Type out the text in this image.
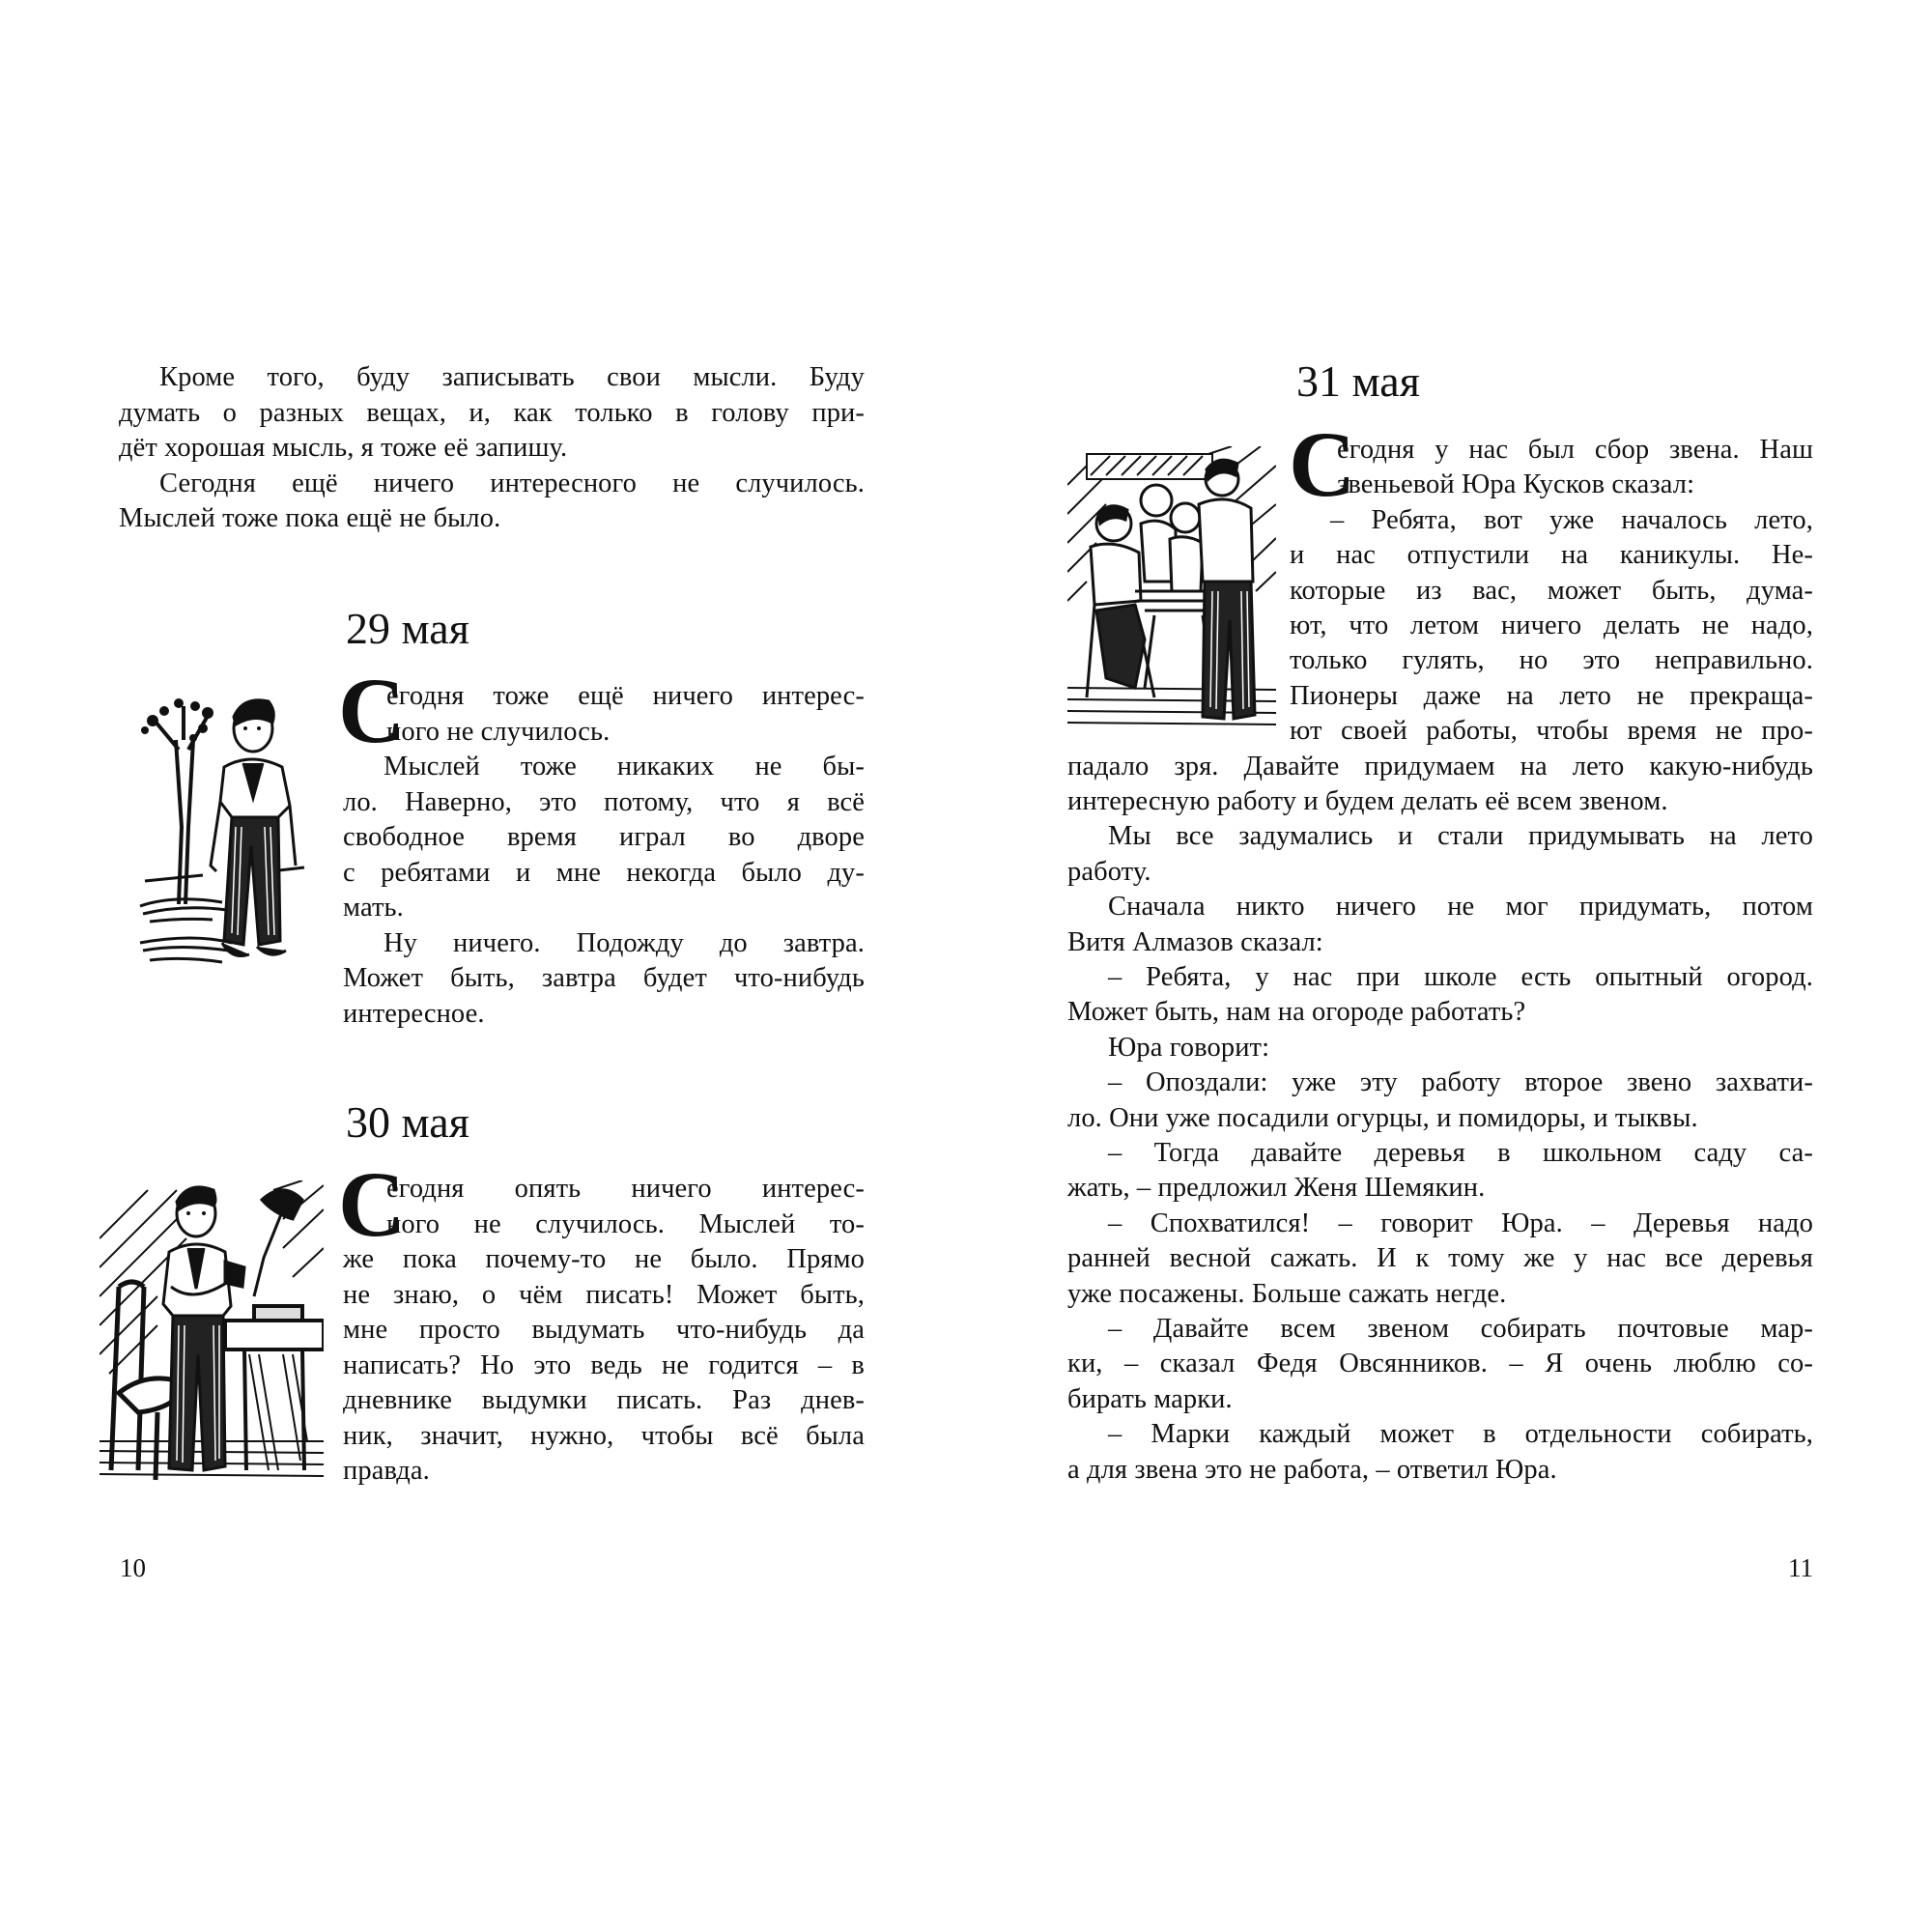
Кроме того, буду записывать свои мысли. Буду
думать о разных вещах, и, как только в голову при-
дёт хорошая мысль, я тоже её запишу.
Сегодня ещё ничего интересного не случилось.
Мыслей тоже пока ещё не было.
29 мая
С
егодня тоже ещё ничего интерес-
ного не случилось.
Мыслей тоже никаких не бы-
ло. Наверно, это потому, что я всё
свободное время играл во дворе
с ребятами и мне некогда было ду-
мать.
Ну ничего. Подожду до завтра.
Может быть, завтра будет что-нибудь
интересное.
30 мая
С
егодня опять ничего интерес-
ного не случилось. Мыслей то-
же пока почему-то не было. Прямо
не знаю, о чём писать! Может быть,
мне просто выдумать что-нибудь да
написать? Но это ведь не годится – в
дневнике выдумки писать. Раз днев-
ник, значит, нужно, чтобы всё была
правда.
10
31 мая
С
егодня у нас был сбор звена. Наш
звеньевой Юра Кусков сказал:
– Ребята, вот уже началось лето,
и нас отпустили на каникулы. Не-
которые из вас, может быть, дума-
ют, что летом ничего делать не надо,
только гулять, но это неправильно.
Пионеры даже на лето не прекраща-
ют своей работы, чтобы время не про-
падало зря. Давайте придумаем на лето какую-нибудь
интересную работу и будем делать её всем звеном.
Мы все задумались и стали придумывать на лето
работу.
Сначала никто ничего не мог придумать, потом
Витя Алмазов сказал:
– Ребята, у нас при школе есть опытный огород.
Может быть, нам на огороде работать?
Юра говорит:
– Опоздали: уже эту работу второе звено захвати-
ло. Они уже посадили огурцы, и помидоры, и тыквы.
– Тогда давайте деревья в школьном саду са-
жать, – предложил Женя Шемякин.
– Спохватился! – говорит Юра. – Деревья надо
ранней весной сажать. И к тому же у нас все деревья
уже посажены. Больше сажать негде.
– Давайте всем звеном собирать почтовые мар-
ки, – сказал Федя Овсянников. – Я очень люблю со-
бирать марки.
– Марки каждый может в отдельности собирать,
а для звена это не работа, – ответил Юра.
11
